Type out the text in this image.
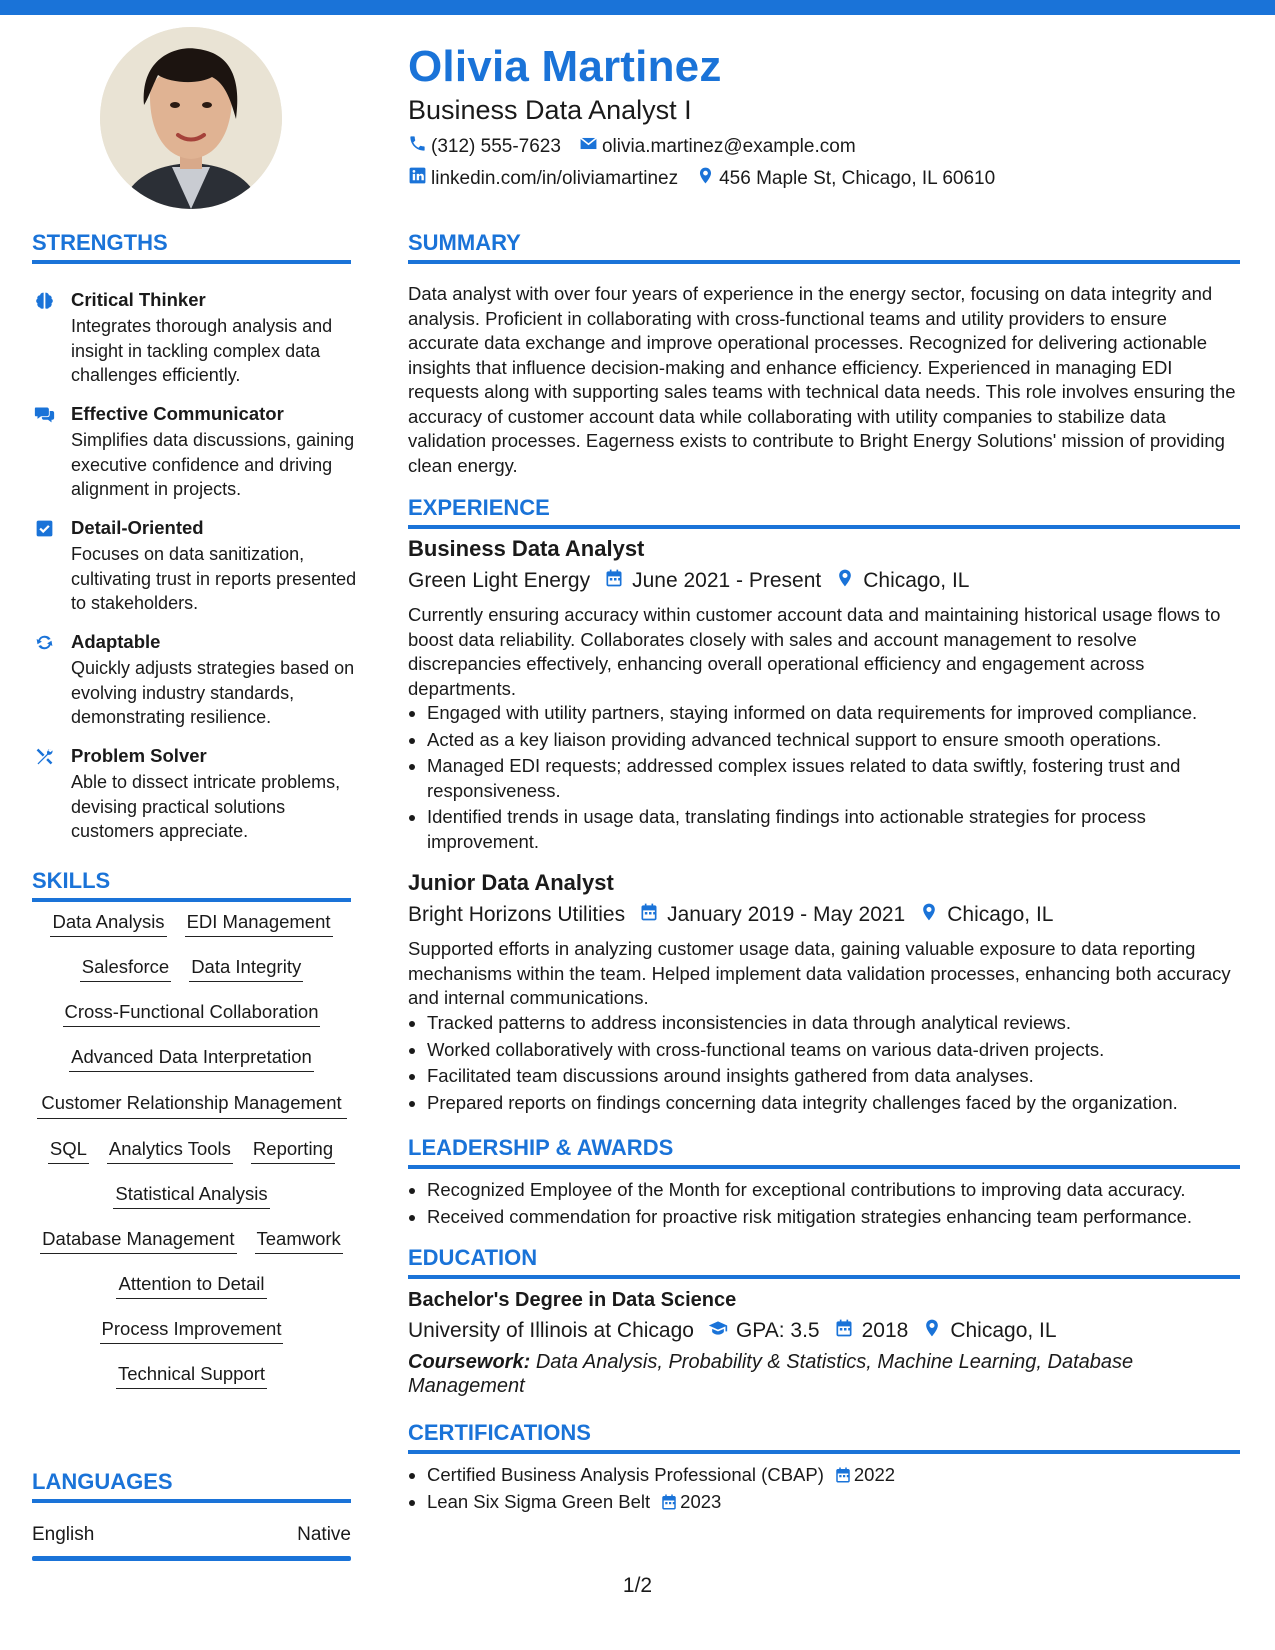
Olivia Martinez
Business Data Analyst I
(312) 555-7623 olivia.martinez@example.com
linkedin.com/in/oliviamartinez 456 Maple St, Chicago, IL 60610
STRENGTHS
Critical Thinker
Integrates thorough analysis and insight in tackling complex data challenges efficiently.
Effective Communicator
Simplifies data discussions, gaining executive confidence and driving alignment in projects.
Detail-Oriented
Focuses on data sanitization, cultivating trust in reports presented to stakeholders.
Adaptable
Quickly adjusts strategies based on evolving industry standards, demonstrating resilience.
Problem Solver
Able to dissect intricate problems, devising practical solutions customers appreciate.
SKILLS
Data Analysis EDI Management
Salesforce Data Integrity
Cross-Functional Collaboration
Advanced Data Interpretation
Customer Relationship Management
SQL Analytics Tools Reporting
Statistical Analysis
Database Management Teamwork
Attention to Detail
Process Improvement
Technical Support
LANGUAGES
English	Native
SUMMARY
Data analyst with over four years of experience in the energy sector, focusing on data integrity and analysis. Proficient in collaborating with cross-functional teams and utility providers to ensure accurate data exchange and improve operational processes. Recognized for delivering actionable insights that influence decision-making and enhance efficiency. Experienced in managing EDI requests along with supporting sales teams with technical data needs. This role involves ensuring the accuracy of customer account data while collaborating with utility companies to stabilize data validation processes. Eagerness exists to contribute to Bright Energy Solutions' mission of providing clean energy.
EXPERIENCE
Business Data Analyst
Green Light Energy June 2021 - Present Chicago, IL
Currently ensuring accuracy within customer account data and maintaining historical usage flows to boost data reliability. Collaborates closely with sales and account management to resolve discrepancies effectively, enhancing overall operational efficiency and engagement across departments.
• Engaged with utility partners, staying informed on data requirements for improved compliance.
• Acted as a key liaison providing advanced technical support to ensure smooth operations.
• Managed EDI requests; addressed complex issues related to data swiftly, fostering trust and responsiveness.
• Identified trends in usage data, translating findings into actionable strategies for process improvement.
Junior Data Analyst
Bright Horizons Utilities January 2019 - May 2021 Chicago, IL
Supported efforts in analyzing customer usage data, gaining valuable exposure to data reporting mechanisms within the team. Helped implement data validation processes, enhancing both accuracy and internal communications.
• Tracked patterns to address inconsistencies in data through analytical reviews.
• Worked collaboratively with cross-functional teams on various data-driven projects.
• Facilitated team discussions around insights gathered from data analyses.
• Prepared reports on findings concerning data integrity challenges faced by the organization.
LEADERSHIP & AWARDS
• Recognized Employee of the Month for exceptional contributions to improving data accuracy.
• Received commendation for proactive risk mitigation strategies enhancing team performance.
EDUCATION
Bachelor's Degree in Data Science
University of Illinois at Chicago GPA: 3.5 2018 Chicago, IL
Coursework: Data Analysis, Probability & Statistics, Machine Learning, Database Management
CERTIFICATIONS
• Certified Business Analysis Professional (CBAP) 2022
• Lean Six Sigma Green Belt 2023
1/2
